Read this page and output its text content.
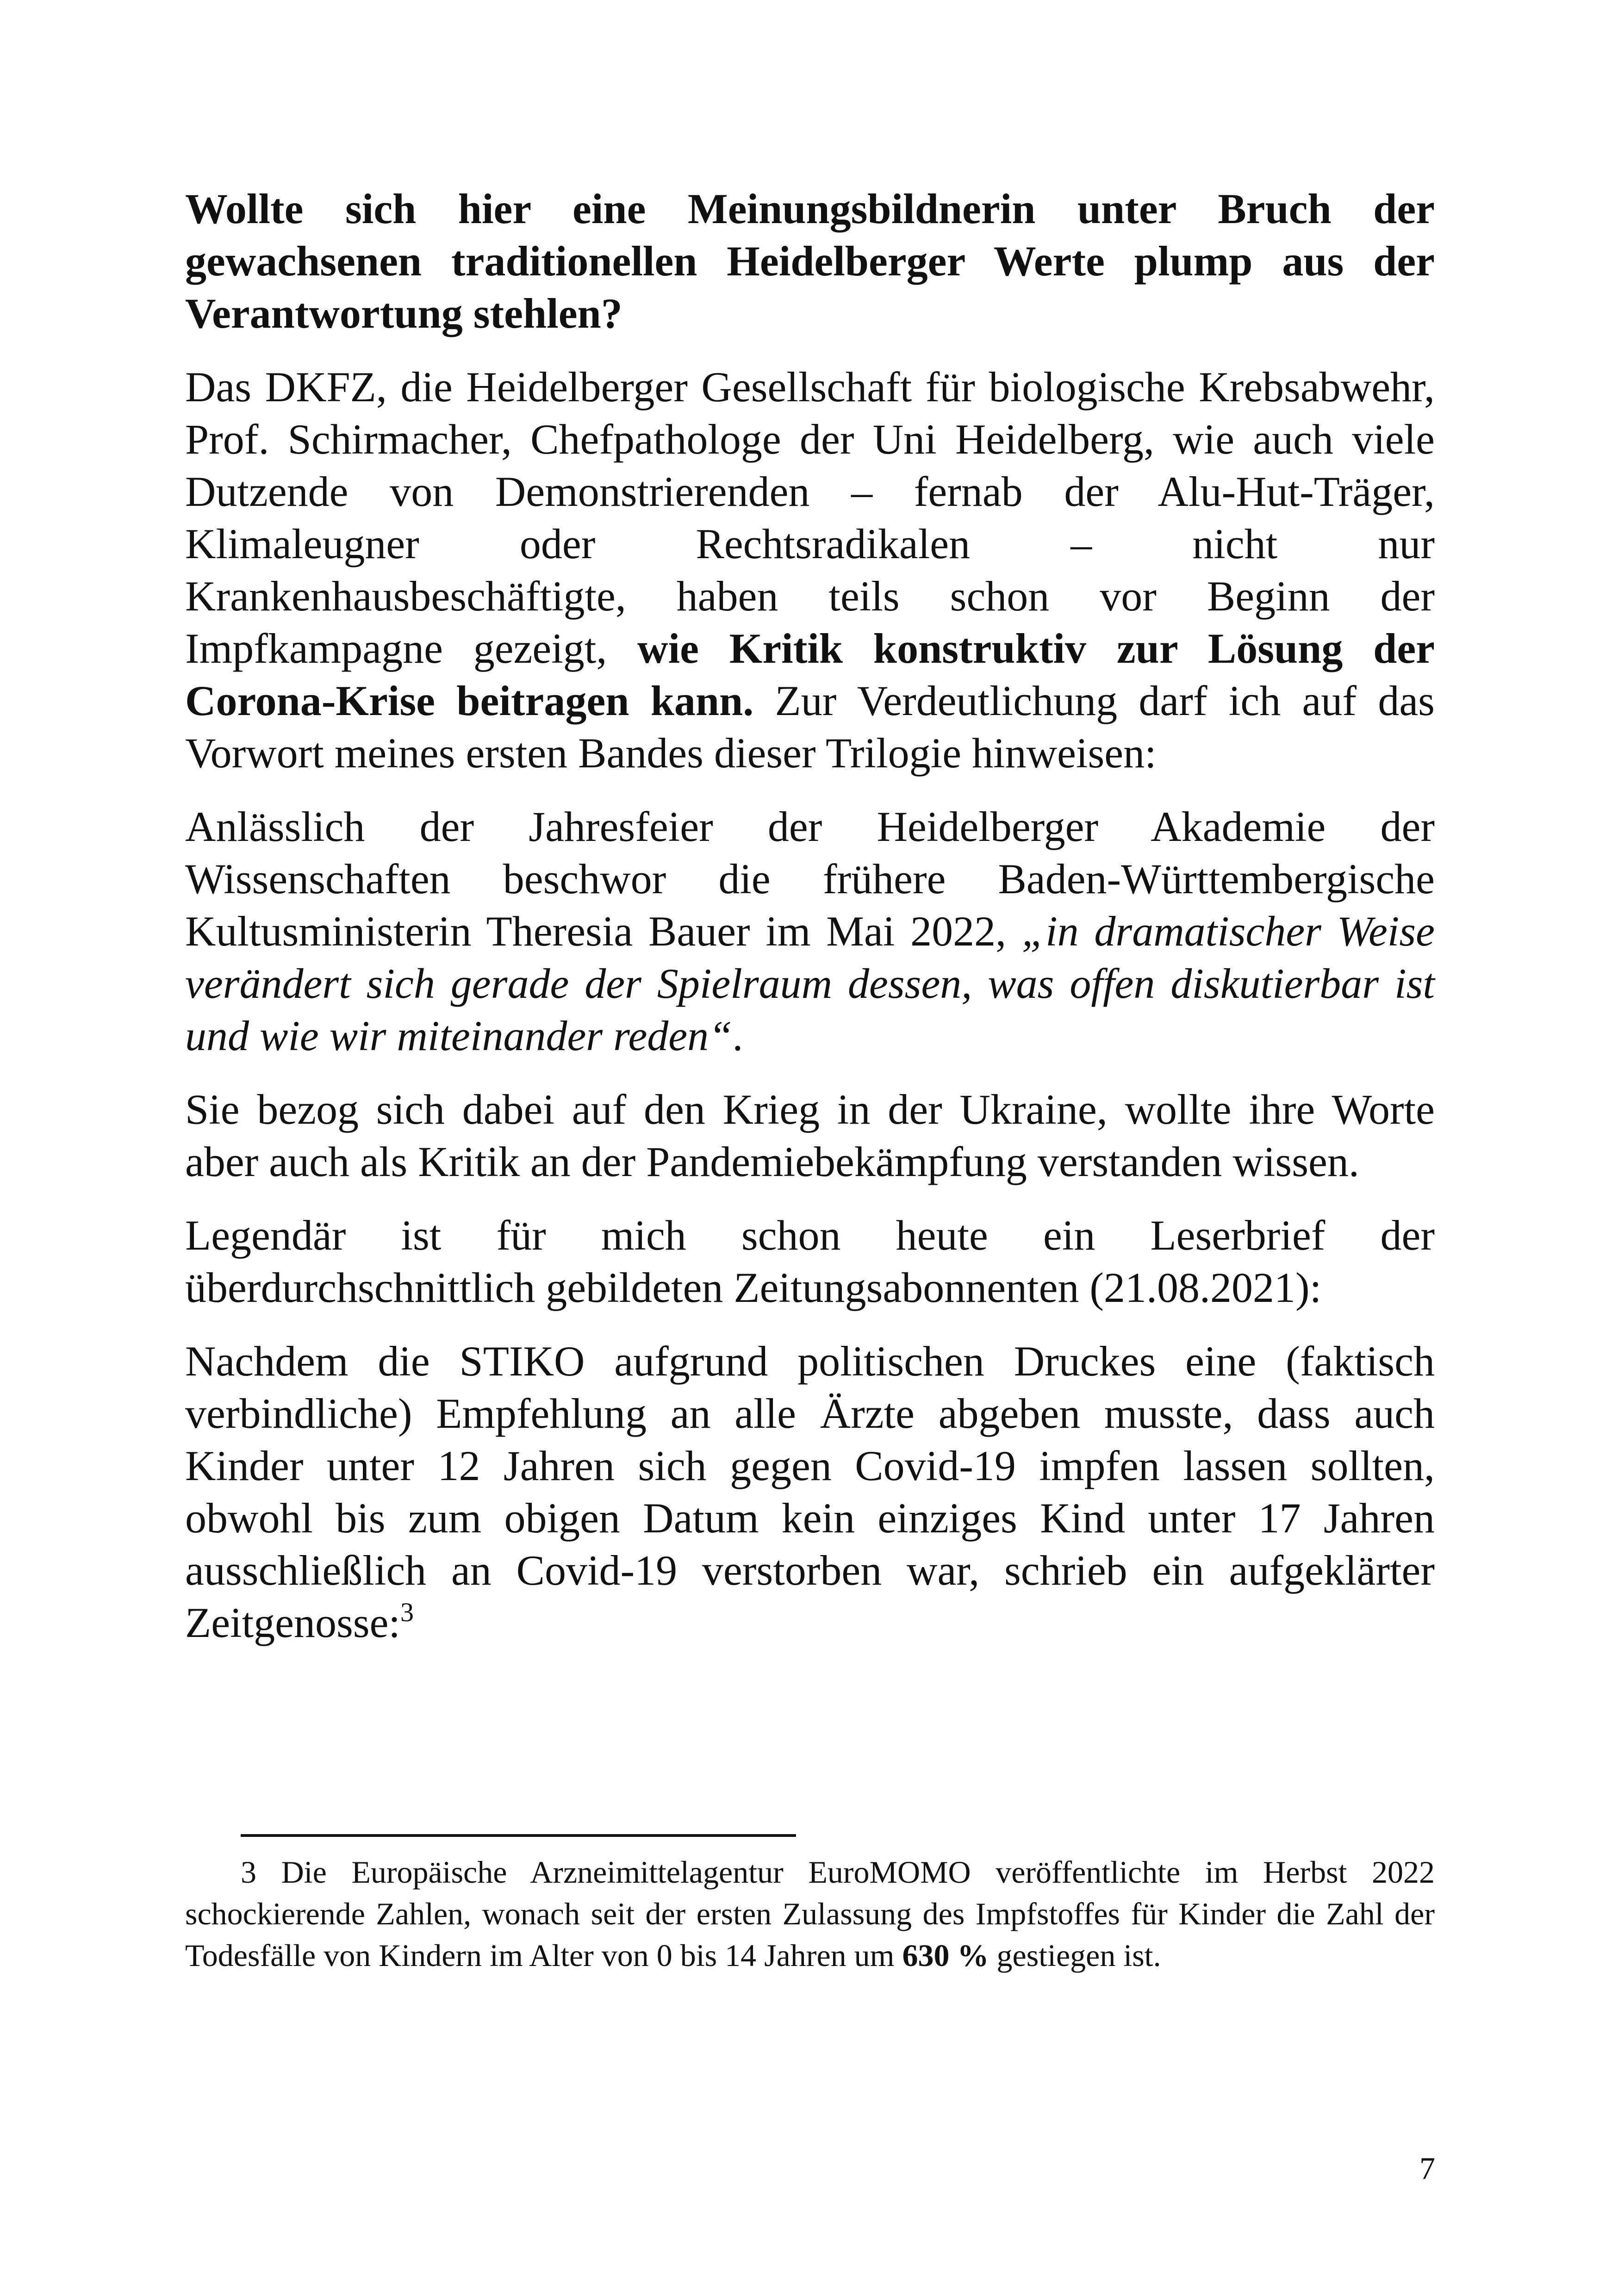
Wollte sich hier eine Meinungsbildnerin unter Bruch der gewachsenen traditionellen Heidelberger Werte plump aus der Verantwortung stehlen?

Das DKFZ, die Heidelberger Gesellschaft für biologische Krebsabwehr, Prof. Schirmacher, Chefpathologe der Uni Heidelberg, wie auch viele Dutzende von Demonstrierenden – fernab der Alu-Hut-Träger, Klimaleugner oder Rechtsradikalen – nicht nur Krankenhausbeschäftigte, haben teils schon vor Beginn der Impfkampagne gezeigt, wie Kritik konstruktiv zur Lösung der Corona-Krise beitragen kann. Zur Verdeutlichung darf ich auf das Vorwort meines ersten Bandes dieser Trilogie hinweisen:

Anlässlich der Jahresfeier der Heidelberger Akademie der Wissenschaften beschwor die frühere Baden-Württembergische Kultusministerin Theresia Bauer im Mai 2022, „in dramatischer Weise verändert sich gerade der Spielraum dessen, was offen diskutierbar ist und wie wir miteinander reden“.

Sie bezog sich dabei auf den Krieg in der Ukraine, wollte ihre Worte aber auch als Kritik an der Pandemiebekämpfung verstanden wissen.

Legendär ist für mich schon heute ein Leserbrief der überdurchschnittlich gebildeten Zeitungsabonnenten (21.08.2021):

Nachdem die STIKO aufgrund politischen Druckes eine (faktisch verbindliche) Empfehlung an alle Ärzte abgeben musste, dass auch Kinder unter 12 Jahren sich gegen Covid-19 impfen lassen sollten, obwohl bis zum obigen Datum kein einziges Kind unter 17 Jahren ausschließlich an Covid-19 verstorben war, schrieb ein aufgeklärter Zeitgenosse:$^3$

3 Die Europäische Arzneimittelagentur EuroMOMO veröffentlichte im Herbst 2022 schockierende Zahlen, wonach seit der ersten Zulassung des Impfstoffes für Kinder die Zahl der Todesfälle von Kindern im Alter von 0 bis 14 Jahren um 630 % gestiegen ist.

7
